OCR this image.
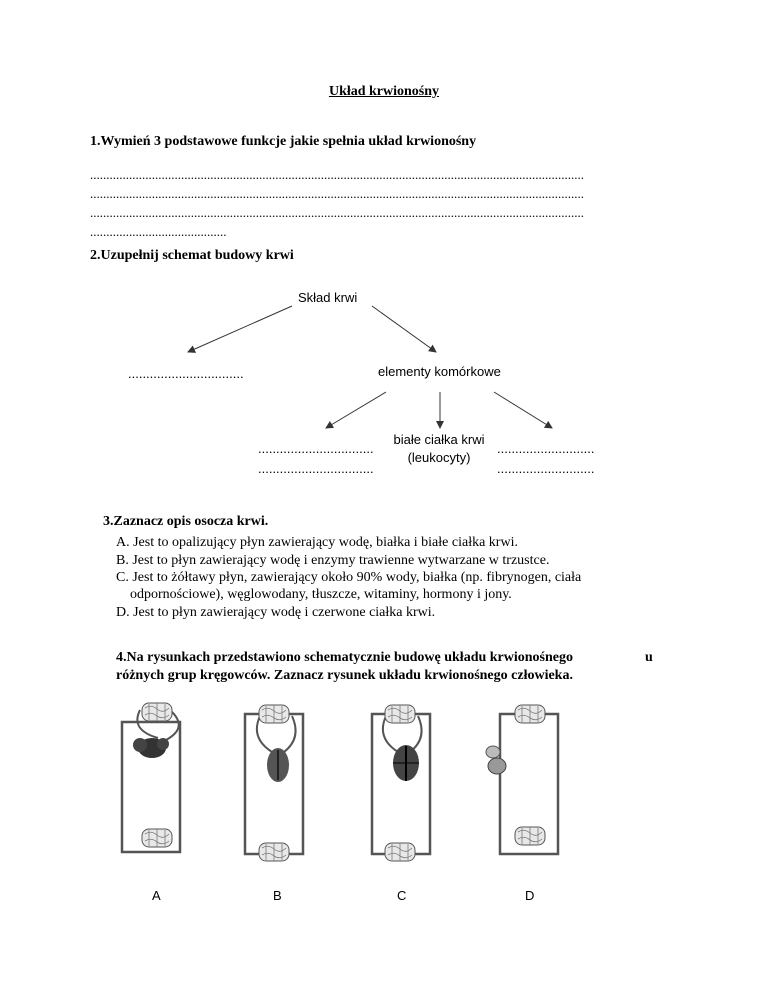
Układ krwionośny
1.Wymień 3 podstawowe funkcje jakie spełnia układ krwionośny
........................................................................................................................................................
........................................................................................................................................................
........................................................................................................................................................
..........................................
2.Uzupełnij schemat budowy krwi
Skład krwi
................................	elementy komórkowe
................................
................................
białe ciałka krwi
(leukocyty)
...........................
...........................
3.Zaznacz opis osocza krwi.
A. Jest to opalizujący płyn zawierający wodę, białka i białe ciałka krwi.
B. Jest to płyn zawierający wodę i enzymy trawienne wytwarzane w trzustce.
C. Jest to żółtawy płyn, zawierający około 90% wody, białka (np. fibrynogen, ciała
odpornościowe), węglowodany, tłuszcze, witaminy, hormony i jony.
D. Jest to płyn zawierający wodę i czerwone ciałka krwi.
4.Na rysunkach przedstawiono schematycznie budowę układu krwionośnego	u
różnych grup kręgowców. Zaznacz rysunek układu krwionośnego człowieka.
A	B	C	D
